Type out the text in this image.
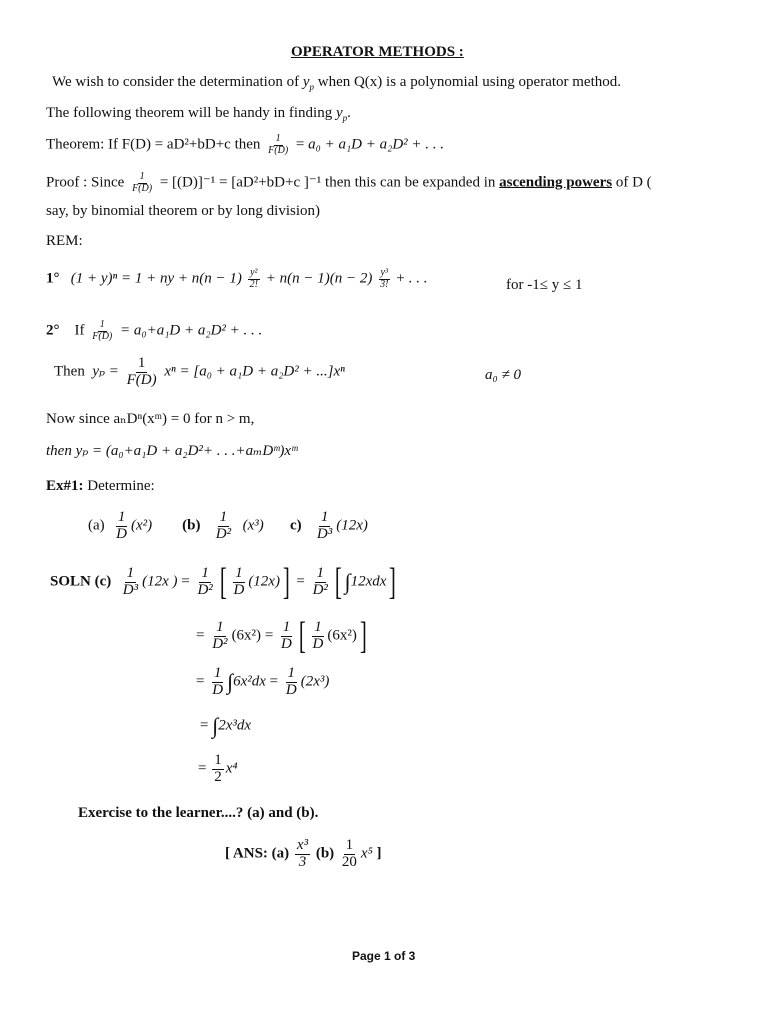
OPERATOR METHODS :
We wish to consider the determination of $y_p$ when Q(x) is a polynomial using operator method.
The following theorem will be handy in finding $y_p$.
Theorem: If F(D) = aD²+bD+c then $\frac{1}{F(D)} = a_0 + a_1D + a_2D^2$ + . . .
Proof : Since $\frac{1}{F(D)} = [(D)]^{-1} = [aD^2+bD+c$ ]⁻¹ then this can be expanded in ascending powers of D (
say, by binomial theorem or by long division)
REM:
1° (1 + y)ⁿ = 1 + ny + $n(n - 1) \frac{\text{y²}}{2!} + n(n - 1)(n - 2) \frac{\text{y³}}{3!}$ + . . .	for -1≤ y ≤ 1
2° If $\frac{1}{F(D)} = a_0+a_1D + a_2D^2$ + . . .
Then $y_p = \frac{1}{F(D)}$ xⁿ = [a₀ + a₁D + a₂D² + ...]xⁿ	a₀ ≠ 0
Now since aₙDⁿ(xᵐ) = 0 for n > m,
then yₚ = (a₀+a₁D + a₂D²+ . . .+aₘDᵐ)xᵐ
Ex#1: Determine:
$(a) \frac{1}{D} (x^2)$ $(b) \frac{1}{\text{D²}} (x^3)$ $c) \frac{1}{\text{D³}} (12x)$
SOLN $(c) \frac{1}{\text{D³}} (12x$ ) = $\frac{1}{\text{D²}}$ [ $\frac{1}{D} (12x)] = \frac{1}{\text{D²}}$ [ ∫12xdx]
= $\frac{1}{\text{D²}} (6x^2) = \frac{1}{D}$ [ $\frac{1}{D} (6x^2)$]
= $\frac{1}{D} \int 6x^2dx = \frac{1}{D} (2x^3)$
= ∫2x³dx
= $\frac{1}{2} x^4$
Exercise to the learner....? (a) and (b).
[ ANS: $(a) \frac{\text{x³}}{3} (b) \frac{1}{20} x^5$ ]
Page 1 of 3
